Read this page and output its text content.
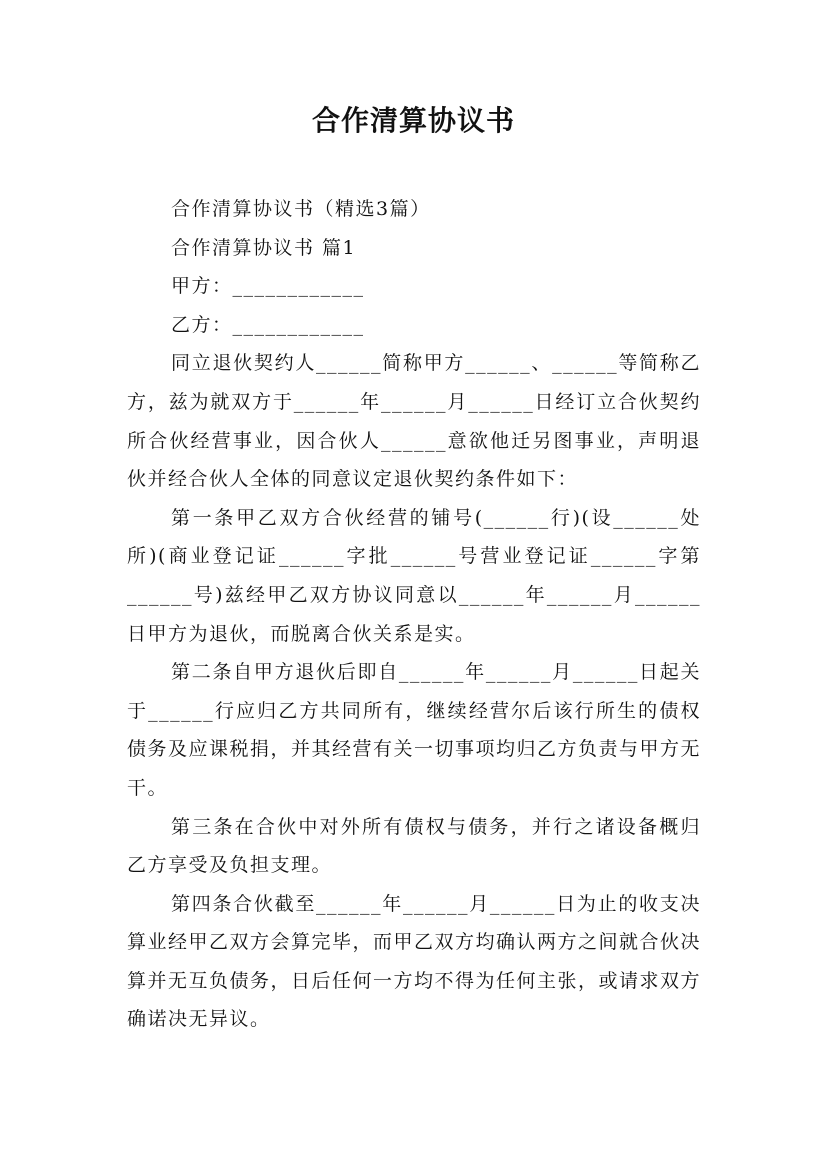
合作清算协议书

合作清算协议书（精选3篇）

合作清算协议书 篇1

甲方：____________

乙方：____________

同立退伙契约人______简称甲方______、______等简称乙方，兹为就双方于______年______月______日经订立合伙契约所合伙经营事业，因合伙人______意欲他迁另图事业，声明退伙并经合伙人全体的同意议定退伙契约条件如下：

第一条甲乙双方合伙经营的铺号(______行)(设______处所)(商业登记证______字批______号营业登记证______字第______号)兹经甲乙双方协议同意以______年______月______日甲方为退伙，而脱离合伙关系是实。

第二条自甲方退伙后即自______年______月______日起关于______行应归乙方共同所有，继续经营尔后该行所生的债权债务及应课税捐，并其经营有关一切事项均归乙方负责与甲方无干。

第三条在合伙中对外所有债权与债务，并行之诸设备概归乙方享受及负担支理。

第四条合伙截至______年______月______日为止的收支决算业经甲乙双方会算完毕，而甲乙双方均确认两方之间就合伙决算并无互负债务，日后任何一方均不得为任何主张，或请求双方确诺决无异议。
